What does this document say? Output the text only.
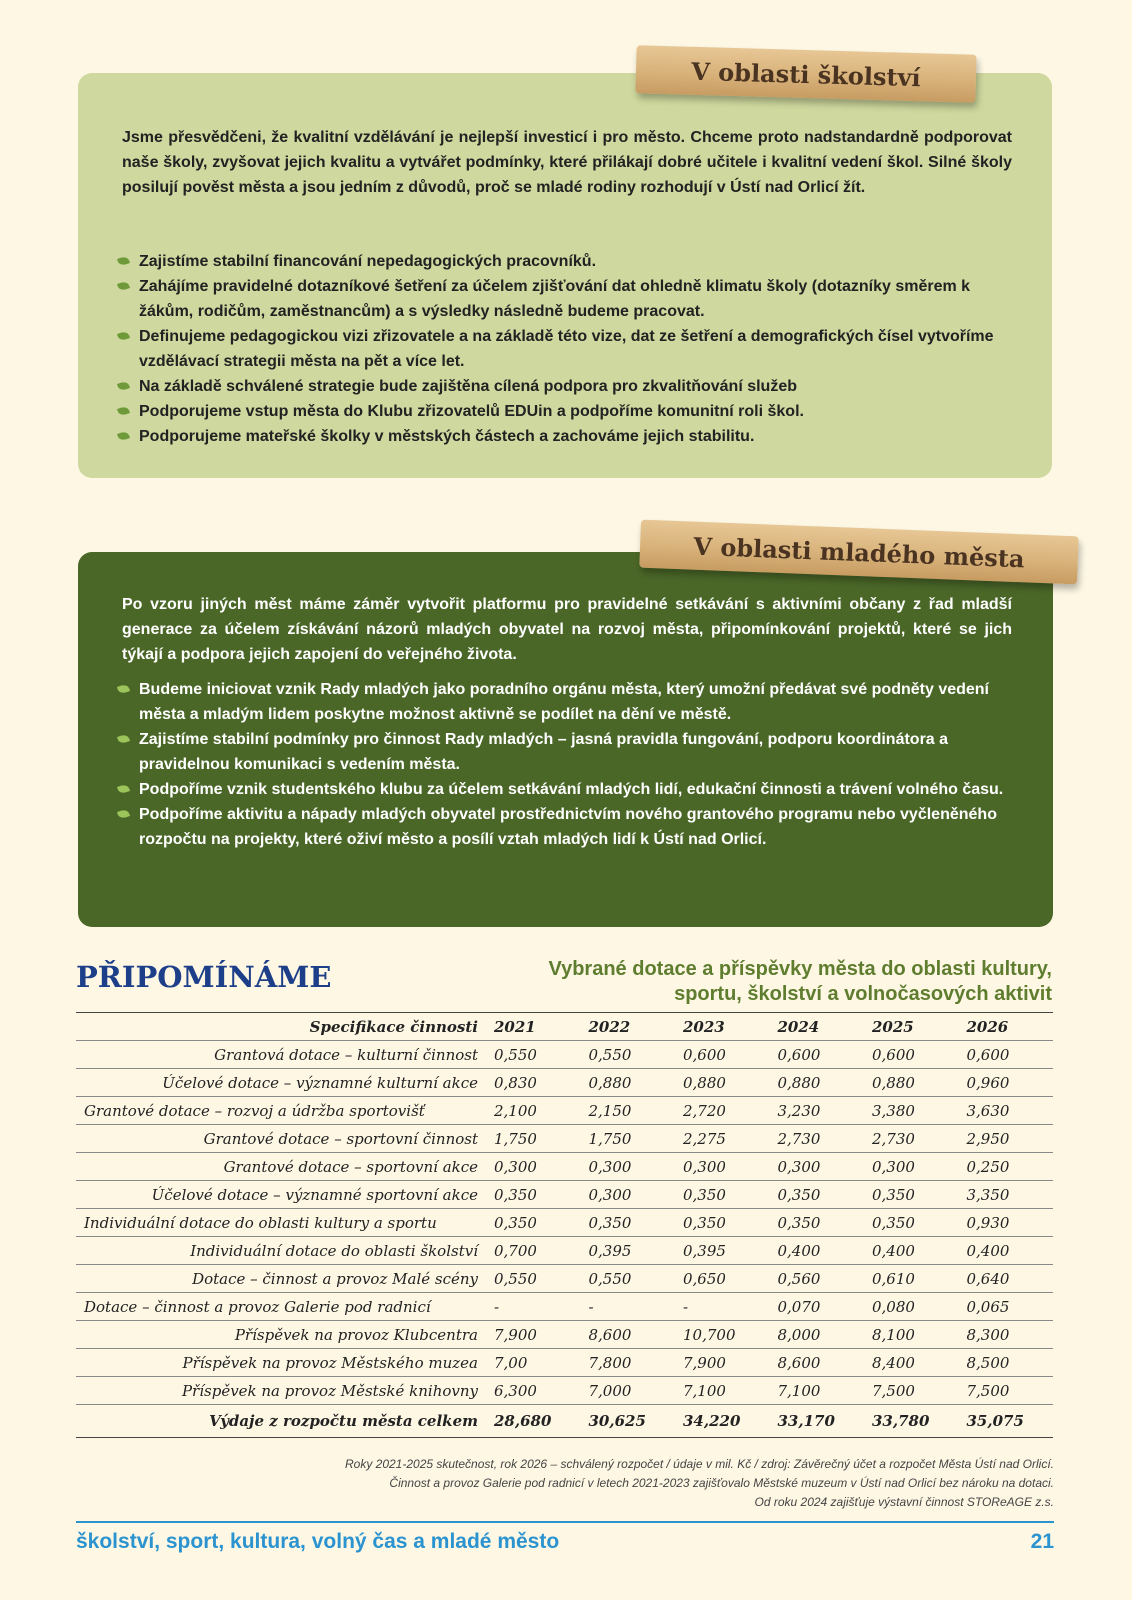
Jsme přesvědčeni, že kvalitní vzdělávání je nejlepší investicí i pro město. Chceme proto nadstandardně podporovat naše školy, zvyšovat jejich kvalitu a vytvářet podmínky, které přilákají dobré učitele i kvalitní vedení škol. Silné školy posilují pověst města a jsou jedním z důvodů, proč se mladé rodiny rozhodují v Ústí nad Orlicí žít.

Zajistíme stabilní financování nepedagogických pracovníků.
Zahájíme pravidelné dotazníkové šetření za účelem zjišťování dat ohledně klimatu školy (dotazníky směrem k žákům, rodičům, zaměstnancům) a s výsledky následně budeme pracovat.
Definujeme pedagogickou vizi zřizovatele a na základě této vize, dat ze šetření a demografických čísel vytvoříme vzdělávací strategii města na pět a více let.
Na základě schválené strategie bude zajištěna cílená podpora pro zkvalitňování služeb
Podporujeme vstup města do Klubu zřizovatelů EDUin a podpoříme komunitní roli škol.
Podporujeme mateřské školky v městských částech a zachováme jejich stabilitu.
V oblasti školství

Po vzoru jiných měst máme záměr vytvořit platformu pro pravidelné setkávání s aktivními občany z řad mladší generace za účelem získávání názorů mladých obyvatel na rozvoj města, připomínkování projektů, které se jich týkají a podpora jejich zapojení do veřejného života.

Budeme iniciovat vznik Rady mladých jako poradního orgánu města, který umožní předávat své podněty vedení města a mladým lidem poskytne možnost aktivně se podílet na dění ve městě.
Zajistíme stabilní podmínky pro činnost Rady mladých – jasná pravidla fungování, podporu koordinátora a pravidelnou komunikaci s vedením města.
Podpoříme vznik studentského klubu za účelem setkávání mladých lidí, edukační činnosti a trávení volného času.
Podpoříme aktivitu a nápady mladých obyvatel prostřednictvím nového grantového programu nebo vyčleněného rozpočtu na projekty, které oživí město a posílí vztah mladých lidí k Ústí nad Orlicí.
V oblasti mladého města
PŘIPOMÍNÁME	Vybrané dotace a příspěvky města do oblasti kultury,
sportu, školství a volnočasových aktivit
Specifikace činnosti	2021	2022	2023	2024	2025	2026
Grantová dotace – kulturní činnost	0,550	0,550	0,600	0,600	0,600	0,600
Účelové dotace – významné kulturní akce	0,830	0,880	0,880	0,880	0,880	0,960
Grantové dotace – rozvoj a údržba sportovišť	2,100	2,150	2,720	3,230	3,380	3,630
Grantové dotace – sportovní činnost	1,750	1,750	2,275	2,730	2,730	2,950
Grantové dotace – sportovní akce	0,300	0,300	0,300	0,300	0,300	0,250
Účelové dotace – významné sportovní akce	0,350	0,300	0,350	0,350	0,350	3,350
Individuální dotace do oblasti kultury a sportu	0,350	0,350	0,350	0,350	0,350	0,930
Individuální dotace do oblasti školství	0,700	0,395	0,395	0,400	0,400	0,400
Dotace – činnost a provoz Malé scény	0,550	0,550	0,650	0,560	0,610	0,640
Dotace – činnost a provoz Galerie pod radnicí	-	-	-	0,070	0,080	0,065
Příspěvek na provoz Klubcentra	7,900	8,600	10,700	8,000	8,100	8,300
Příspěvek na provoz Městského muzea	7,00	7,800	7,900	8,600	8,400	8,500
Příspěvek na provoz Městské knihovny	6,300	7,000	7,100	7,100	7,500	7,500
Výdaje z rozpočtu města celkem	28,680	30,625	34,220	33,170	33,780	35,075
Roky 2021-2025 skutečnost, rok 2026 – schválený rozpočet / údaje v mil. Kč / zdroj: Závěrečný účet a rozpočet Města Ústí nad Orlicí.
Činnost a provoz Galerie pod radnicí v letech 2021-2023 zajišťovalo Městské muzeum v Ústí nad Orlicí bez nároku na dotaci.
Od roku 2024 zajišťuje výstavní činnost STOReAGE z.s.
školství, sport, kultura, volný čas a mladé město	21
